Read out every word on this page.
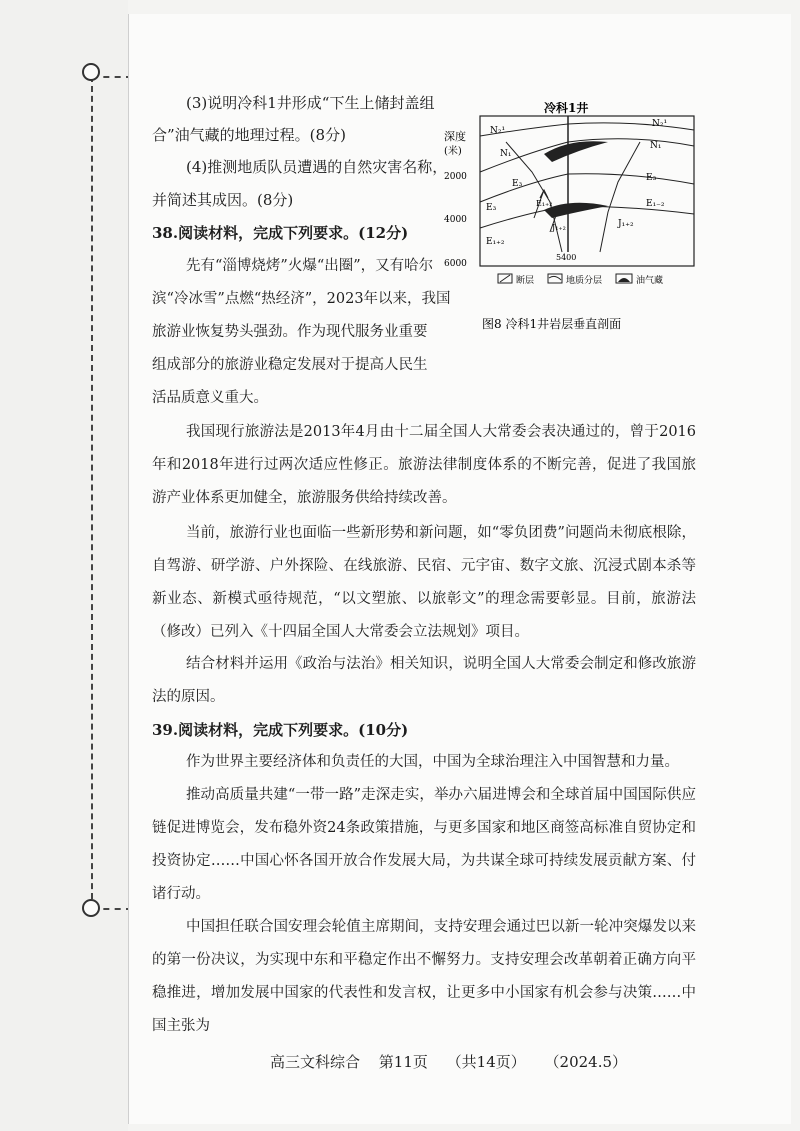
(3)说明冷科1井形成“下生上储封盖组
合”油气藏的地理过程。(8分)
(4)推测地质队员遭遇的自然灾害名称，
并简述其成因。(8分)
38.阅读材料，完成下列要求。(12分)
先有“淄博烧烤”火爆“出圈”，又有哈尔
滨“冷冰雪”点燃“热经济”，2023年以来，我国
旅游业恢复势头强劲。作为现代服务业重要
组成部分的旅游业稳定发展对于提高人民生
活品质意义重大。
我国现行旅游法是2013年4月由十二届全国人大常委会表决通过的，曾于2016年和2018年进行过两次适应性修正。旅游法律制度体系的不断完善，促进了我国旅游产业体系更加健全，旅游服务供给持续改善。
当前，旅游行业也面临一些新形势和新问题，如“零负团费”问题尚未彻底根除，自驾游、研学游、户外探险、在线旅游、民宿、元宇宙、数字文旅、沉浸式剧本杀等新业态、新模式亟待规范，“以文塑旅、以旅彰文”的理念需要彰显。目前，旅游法（修改）已列入《十四届全国人大常委会立法规划》项目。
结合材料并运用《政治与法治》相关知识，说明全国人大常委会制定和修改旅游法的原因。
39.阅读材料，完成下列要求。(10分)
作为世界主要经济体和负责任的大国，中国为全球治理注入中国智慧和力量。
推动高质量共建“一带一路”走深走实，举办六届进博会和全球首届中国国际供应链促进博览会，发布稳外资24条政策措施，与更多国家和地区商签高标准自贸协定和投资协定……中国心怀各国开放合作发展大局，为共谋全球可持续发展贡献方案、付诸行动。
冷科1井
深度
(米)
2000
4000
6000
N₂¹
N₁
E₃
E₃
E₁₊₂
N₂¹
N₁
E₃
E₁₋₂
J₁₊₂
E₁₊₂
J₁₊₂
5400
断层	地质分层	油气藏
图8 冷科1井岩层垂直剖面
高三文科综合 第11页 （共14页） （2024.5）
中国担任联合国安理会轮值主席期间，支持安理会通过巴以新一轮冲突爆发以来的第一份决议，为实现中东和平稳定作出不懈努力。支持安理会改革朝着正确方向平稳推进，增加发展中国家的代表性和发言权，让更多中小国家有机会参与决策……中国主张为
